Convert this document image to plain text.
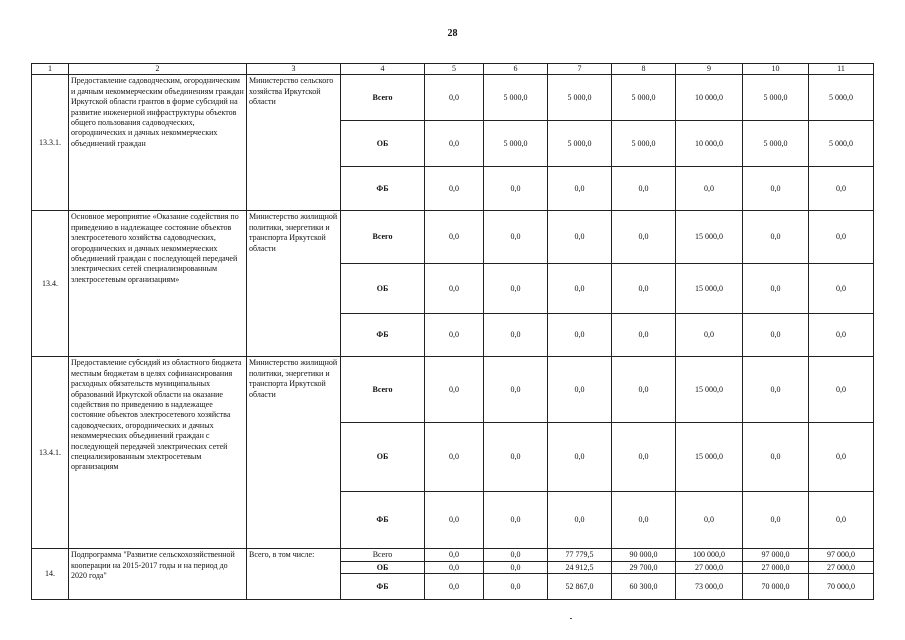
28
1	2	3	4	5	6	7	8	9	10	11
13.3.1.	Предоставление садоводческим, огородническим и дачным некоммерческим объединениям граждан Иркутской области грантов в форме субсидий на развитие инженерной инфраструктуры объектов общего пользования садоводческих, огороднических и дачных некоммерческих объединений граждан	Министерство сельского хозяйства Иркутской области	Всего	0,0	5 000,0	5 000,0	5 000,0	10 000,0	5 000,0	5 000,0
			ОБ	0,0	5 000,0	5 000,0	5 000,0	10 000,0	5 000,0	5 000,0
			ФБ	0,0	0,0	0,0	0,0	0,0	0,0	0,0
13.4.	Основное мероприятие «Оказание содействия по приведению в надлежащее состояние объектов электросетевого хозяйства садоводческих, огороднических и дачных некоммерческих объединений граждан с последующей передачей электрических сетей специализированным электросетевым организациям»	Министерство жилищной политики, энергетики и транспорта Иркутской области	Всего	0,0	0,0	0,0	0,0	15 000,0	0,0	0,0
			ОБ	0,0	0,0	0,0	0,0	15 000,0	0,0	0,0
			ФБ	0,0	0,0	0,0	0,0	0,0	0,0	0,0
13.4.1.	Предоставление субсидий из областного бюджета местным бюджетам в целях софинансирования расходных обязательств муниципальных образований Иркутской области на оказание содействия по приведению в надлежащее состояние объектов электросетевого хозяйства садоводческих, огороднических и дачных некоммерческих объединений граждан с последующей передачей электрических сетей специализированным электросетевым организациям	Министерство жилищной политики, энергетики и транспорта Иркутской области	Всего	0,0	0,0	0,0	0,0	15 000,0	0,0	0,0
			ОБ	0,0	0,0	0,0	0,0	15 000,0	0,0	0,0
			ФБ	0,0	0,0	0,0	0,0	0,0	0,0	0,0
14.	Подпрограмма "Развитие сельскохозяйственной кооперации на 2015-2017 годы и на период до 2020 года"	Всего, в том числе:	Всего	0,0	0,0	77 779,5	90 000,0	100 000,0	97 000,0	97 000,0
			ОБ	0,0	0,0	24 912,5	29 700,0	27 000,0	27 000,0	27 000,0
			ФБ	0,0	0,0	52 867,0	60 300,0	73 000,0	70 000,0	70 000,0
